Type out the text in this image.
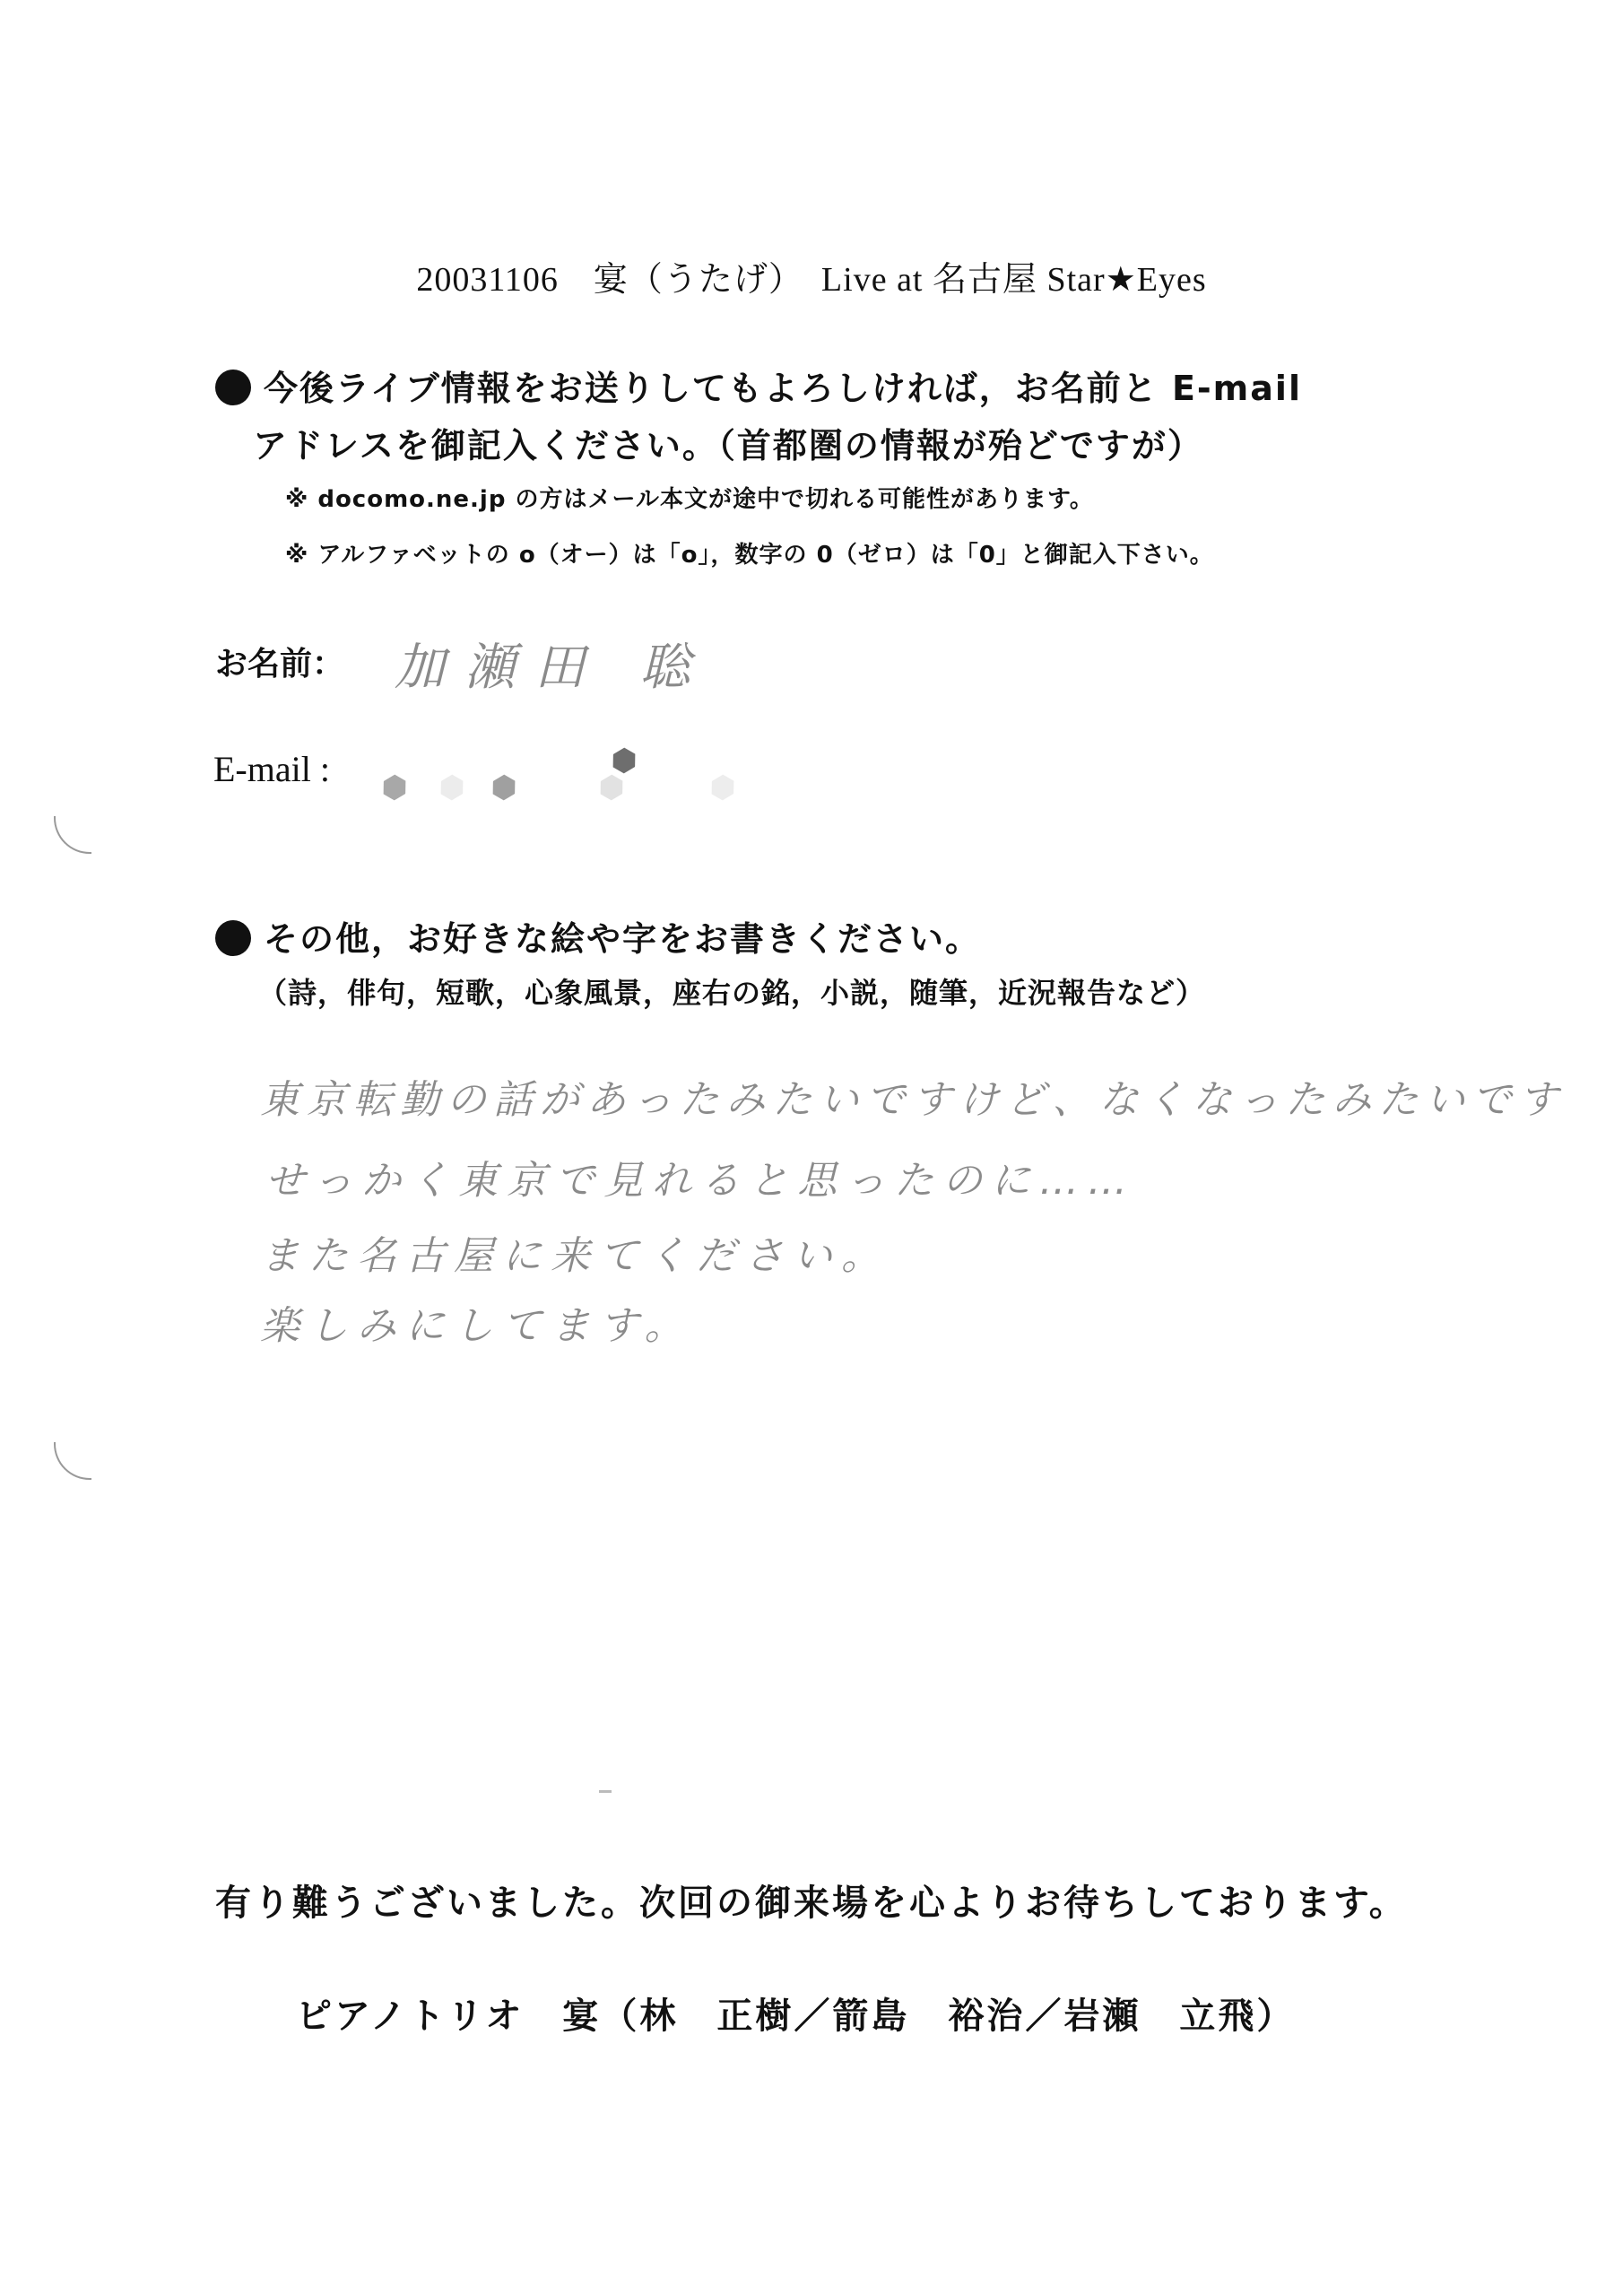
20031106　宴（うたげ）　Live at 名古屋 Star★Eyes
今後ライブ情報をお送りしてもよろしければ，お名前と E-mail
アドレスを御記入ください。（首都圏の情報が殆どですが）
※ docomo.ne.jp の方はメール本文が途中で切れる可能性があります。
※ アルファベットの o（オー）は「o」，数字の 0（ゼロ）は「0」と御記入下さい。
お名前： 加瀬田 聡
E-mail :
その他，お好きな絵や字をお書きください。
（詩，俳句，短歌，心象風景，座右の銘，小説，随筆，近況報告など）
東京転勤の話があったみたいですけど、なくなったみたいです
せっかく東京で見れると思ったのに……
また名古屋に来てください。
楽しみにしてます。
有り難うございました。次回の御来場を心よりお待ちしております。
ピアノトリオ　宴（林　正樹／箭島　裕治／岩瀬　立飛）
